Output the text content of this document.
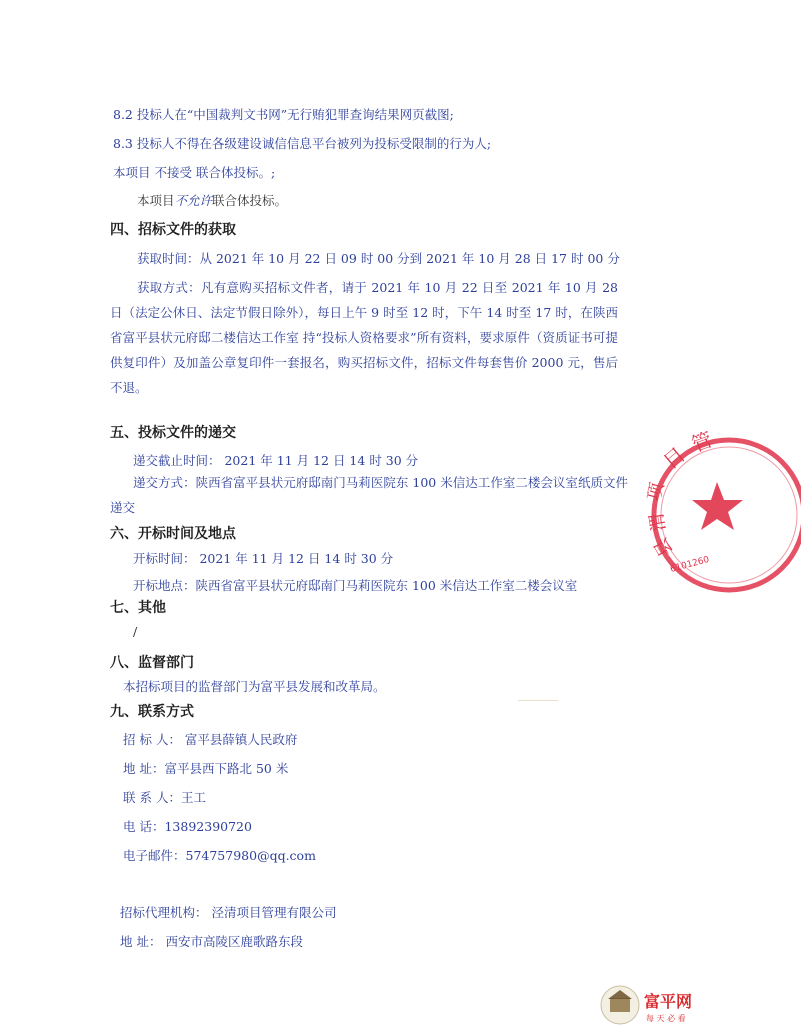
8.2 投标人在“中国裁判文书网”无行贿犯罪查询结果网页截图;
8.3 投标人不得在各级建设诚信信息平台被列为投标受限制的行为人;
本项目 不接受 联合体投标。;
本项目不允许联合体投标。
四、招标文件的获取
获取时间：从 2021 年 10 月 22 日 09 时 00 分到 2021 年 10 月 28 日 17 时 00 分
获取方式：凡有意购买招标文件者，请于 2021 年 10 月 22 日至 2021 年 10 月 28 日（法定公休日、法定节假日除外），每日上午 9 时至 12 时，下午 14 时至 17 时，在陕西省富平县状元府邸二楼信达工作室 持“投标人资格要求”所有资料，要求原件（资质证书可提供复印件）及加盖公章复印件一套报名，购买招标文件，招标文件每套售价 2000 元，售后不退。
五、投标文件的递交
递交截止时间： 2021 年 11 月 12 日 14 时 30 分
递交方式：陕西省富平县状元府邸南门马莉医院东 100 米信达工作室二楼会议室纸质文件递交
六、开标时间及地点
开标时间： 2021 年 11 月 12 日 14 时 30 分
开标地点：陕西省富平县状元府邸南门马莉医院东 100 米信达工作室二楼会议室
七、其他
/
八、监督部门
本招标项目的监督部门为富平县发展和改革局。
九、联系方式
招 标 人： 富平县薛镇人民政府
地 址：富平县西下路北 50 米
联 系 人：王工
电 话：13892390720
电子邮件：574757980@qq.com
招标代理机构： 泾清项目管理有限公司
地 址： 西安市高陵区鹿歌路东段
目
管
项
渭
县
6101260
富平网
每 天 必 看
